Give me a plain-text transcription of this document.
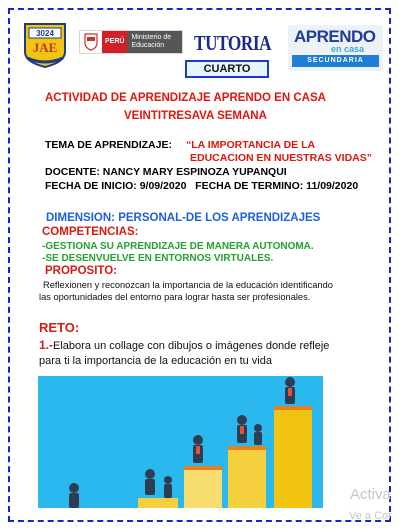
3024
JAE	PERÚ
Ministerio de Educación	TUTORIA
CUARTO
APRENDO
en casa
SECUNDARIA
ACTIVIDAD DE APRENDIZAJE APRENDO EN CASA
VEINTITRESAVA SEMANA
TEMA DE APRENDIZAJE: “LA IMPORTANCIA DE LA
EDUCACION EN NUESTRAS VIDAS”
DOCENTE: NANCY MARY ESPINOZA YUPANQUI
FECHA DE INICIO: 9/09/2020   FECHA DE TERMINO: 11/09/2020
DIMENSION: PERSONAL-DE LOS APRENDIZAJES
COMPETENCIAS:
-GESTIONA SU APRENDIZAJE DE MANERA AUTONOMA.
-SE DESENVUELVE EN ENTORNOS VIRTUALES.
PROPOSITO:
Reflexionen y reconozcan la importancia de la educación identificando
las oportunidades del entorno para lograr hasta ser profesionales.
RETO:
1.-Elabora un collage con dibujos o imágenes donde refleje
para ti la importancia de la educación en tu vida
Activa
Ve a Cor
